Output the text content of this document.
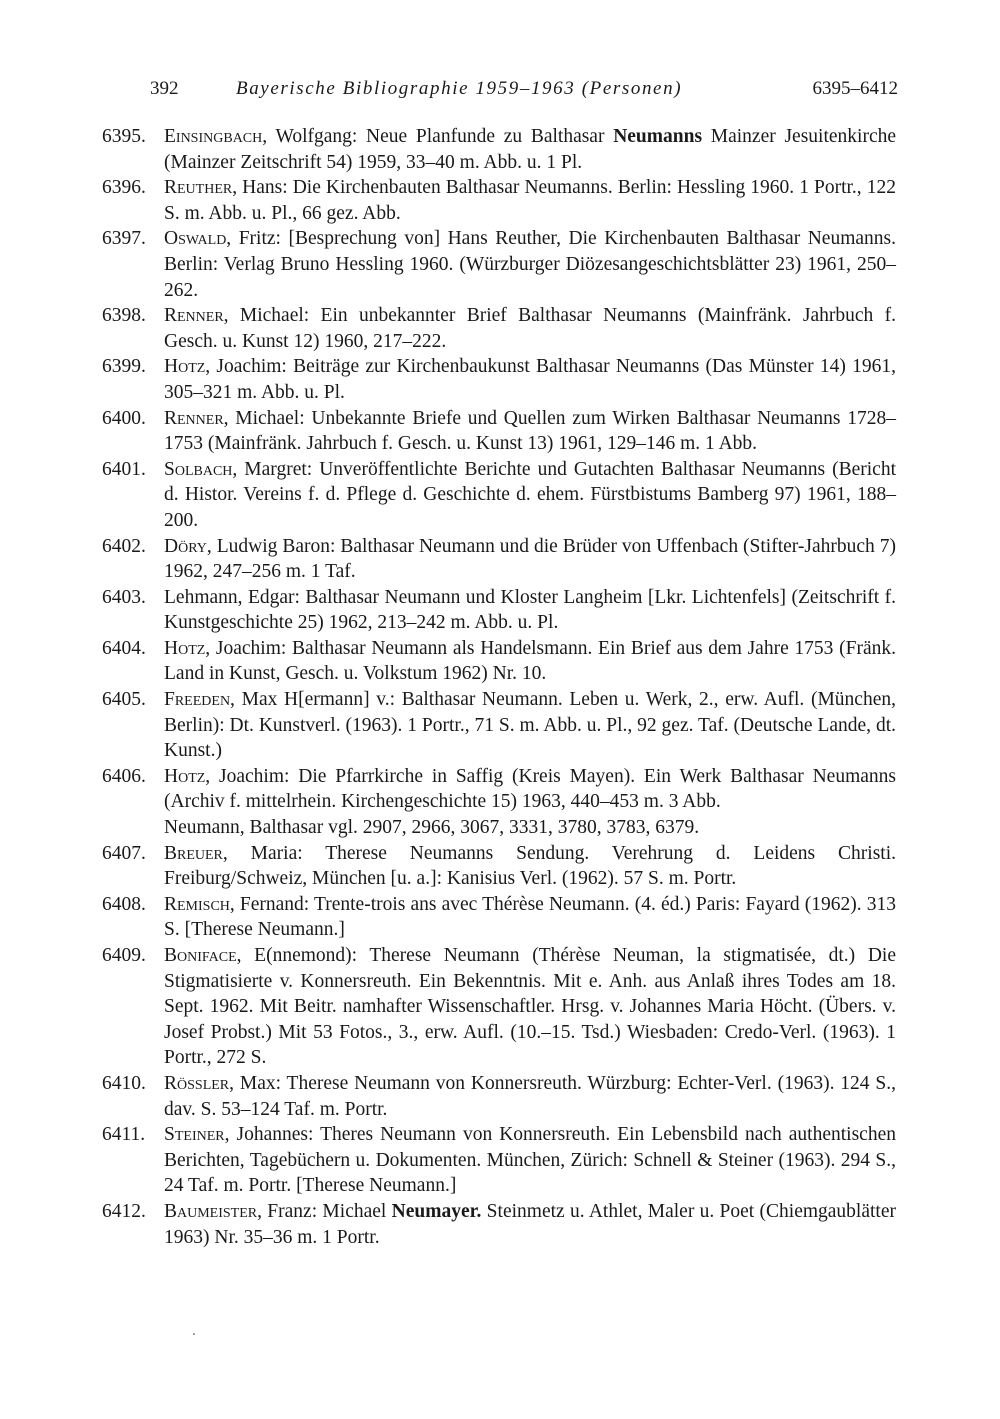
392	Bayerische Bibliographie 1959–1963 (Personen)	6395–6412
6395. Einsingbach, Wolfgang: Neue Planfunde zu Balthasar Neumanns Mainzer Jesuitenkirche (Mainzer Zeitschrift 54) 1959, 33–40 m. Abb. u. 1 Pl.
6396. Reuther, Hans: Die Kirchenbauten Balthasar Neumanns. Berlin: Hessling 1960. 1 Portr., 122 S. m. Abb. u. Pl., 66 gez. Abb.
6397. Oswald, Fritz: [Besprechung von] Hans Reuther, Die Kirchenbauten Balthasar Neumanns. Berlin: Verlag Bruno Hessling 1960. (Würzburger Diözesangeschichtsblätter 23) 1961, 250–262.
6398. Renner, Michael: Ein unbekannter Brief Balthasar Neumanns (Mainfränk. Jahrbuch f. Gesch. u. Kunst 12) 1960, 217–222.
6399. Hotz, Joachim: Beiträge zur Kirchenbaukunst Balthasar Neumanns (Das Münster 14) 1961, 305–321 m. Abb. u. Pl.
6400. Renner, Michael: Unbekannte Briefe und Quellen zum Wirken Balthasar Neumanns 1728–1753 (Mainfränk. Jahrbuch f. Gesch. u. Kunst 13) 1961, 129–146 m. 1 Abb.
6401. Solbach, Margret: Unveröffentlichte Berichte und Gutachten Balthasar Neumanns (Bericht d. Histor. Vereins f. d. Pflege d. Geschichte d. ehem. Fürstbistums Bamberg 97) 1961, 188–200.
6402. Döry, Ludwig Baron: Balthasar Neumann und die Brüder von Uffenbach (Stifter-Jahrbuch 7) 1962, 247–256 m. 1 Taf.
6403. Lehmann, Edgar: Balthasar Neumann und Kloster Langheim [Lkr. Lichtenfels] (Zeitschrift f. Kunstgeschichte 25) 1962, 213–242 m. Abb. u. Pl.
6404. Hotz, Joachim: Balthasar Neumann als Handelsmann. Ein Brief aus dem Jahre 1753 (Fränk. Land in Kunst, Gesch. u. Volkstum 1962) Nr. 10.
6405. Freeden, Max H[ermann] v.: Balthasar Neumann. Leben u. Werk, 2., erw. Aufl. (München, Berlin): Dt. Kunstverl. (1963). 1 Portr., 71 S. m. Abb. u. Pl., 92 gez. Taf. (Deutsche Lande, dt. Kunst.)
6406. Hotz, Joachim: Die Pfarrkirche in Saffig (Kreis Mayen). Ein Werk Balthasar Neumanns (Archiv f. mittelrhein. Kirchengeschichte 15) 1963, 440–453 m. 3 Abb.
Neumann, Balthasar vgl. 2907, 2966, 3067, 3331, 3780, 3783, 6379.
6407. Breuer, Maria: Therese Neumanns Sendung. Verehrung d. Leidens Christi. Freiburg/Schweiz, München [u. a.]: Kanisius Verl. (1962). 57 S. m. Portr.
6408. Remisch, Fernand: Trente-trois ans avec Thérèse Neumann. (4. éd.) Paris: Fayard (1962). 313 S. [Therese Neumann.]
6409. Boniface, E(nnemond): Therese Neumann (Thérèse Neuman, la stigmatisée, dt.) Die Stigmatisierte v. Konnersreuth. Ein Bekenntnis. Mit e. Anh. aus Anlaß ihres Todes am 18. Sept. 1962. Mit Beitr. namhafter Wissenschaftler. Hrsg. v. Johannes Maria Höcht. (Übers. v. Josef Probst.) Mit 53 Fotos., 3., erw. Aufl. (10.–15. Tsd.) Wiesbaden: Credo-Verl. (1963). 1 Portr., 272 S.
6410. Rössler, Max: Therese Neumann von Konnersreuth. Würzburg: Echter-Verl. (1963). 124 S., dav. S. 53–124 Taf. m. Portr.
6411. Steiner, Johannes: Theres Neumann von Konnersreuth. Ein Lebensbild nach authentischen Berichten, Tagebüchern u. Dokumenten. München, Zürich: Schnell & Steiner (1963). 294 S., 24 Taf. m. Portr. [Therese Neumann.]
6412. Baumeister, Franz: Michael Neumayer. Steinmetz u. Athlet, Maler u. Poet (Chiemgaublätter 1963) Nr. 35–36 m. 1 Portr.
